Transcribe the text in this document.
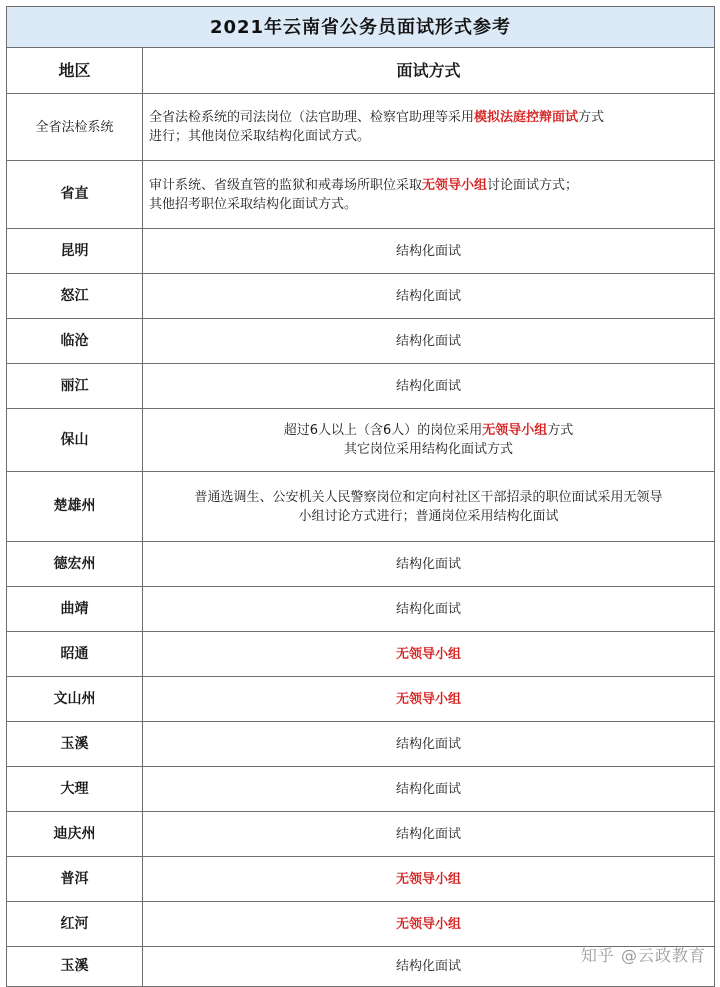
2021年云南省公务员面试形式参考	
地区	面试方式
全省法检系统	全省法检系统的司法岗位（法官助理、检察官助理等采用模拟法庭控辩面试方式
进行；其他岗位采取结构化面试方式。
省直	审计系统、省级直管的监狱和戒毒场所职位采取无领导小组讨论面试方式；
其他招考职位采取结构化面试方式。
昆明	结构化面试
怒江	结构化面试
临沧	结构化面试
丽江	结构化面试
保山	超过6人以上（含6人）的岗位采用无领导小组方式
其它岗位采用结构化面试方式
楚雄州	普通选调生、公安机关人民警察岗位和定向村社区干部招录的职位面试采用无领导
小组讨论方式进行；普通岗位采用结构化面试
德宏州	结构化面试
曲靖	结构化面试
昭通	无领导小组
文山州	无领导小组
玉溪	结构化面试
大理	结构化面试
迪庆州	结构化面试
普洱	无领导小组
红河	无领导小组
玉溪	结构化面试
知乎 @云政教育
